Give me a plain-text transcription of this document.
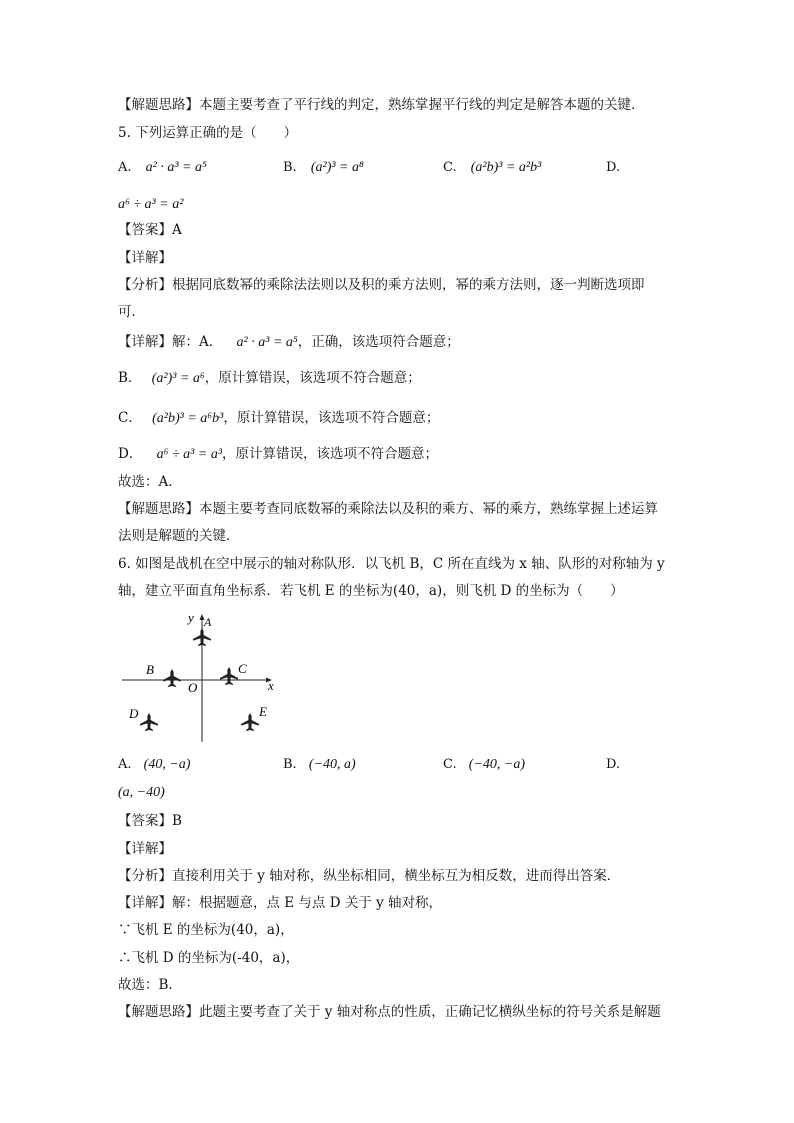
【解题思路】本题主要考查了平行线的判定，熟练掌握平行线的判定是解答本题的关键．
5. 下列运算正确的是（　　）
A. a² · a³ = a⁵	B. (a²)³ = a⁸	C. (a²b)³ = a²b³	D.
a⁶ ÷ a³ = a²
【答案】A
【详解】
【分析】根据同底数幂的乘除法法则以及积的乘方法则，幂的乘方法则，逐一判断选项即
可．
【详解】解：A． a² · a³ = a⁵，正确，该选项符合题意；
B． (a²)³ = a⁶，原计算错误，该选项不符合题意；
C． (a²b)³ = a⁶b³，原计算错误，该选项不符合题意；
D． a⁶ ÷ a³ = a³，原计算错误，该选项不符合题意；
故选：A．
【解题思路】本题主要考查同底数幂的乘除法以及积的乘方、幂的乘方，熟练掌握上述运算
法则是解题的关键．
6. 如图是战机在空中展示的轴对称队形．以飞机 B，C 所在直线为 x 轴、队形的对称轴为 y
轴，建立平面直角坐标系．若飞机 E 的坐标为(40，a)，则飞机 D 的坐标为（　　）
y
x
O
A
B	C
D	E
A. (40, −a)	B. (−40, a)	C. (−40, −a)	D.
(a, −40)
【答案】B
【详解】
【分析】直接利用关于 y 轴对称，纵坐标相同，横坐标互为相反数，进而得出答案．
【详解】解：根据题意，点 E 与点 D 关于 y 轴对称，
∵飞机 E 的坐标为(40，a)，
∴飞机 D 的坐标为(-40，a)，
故选：B．
【解题思路】此题主要考查了关于 y 轴对称点的性质，正确记忆横纵坐标的符号关系是解题
